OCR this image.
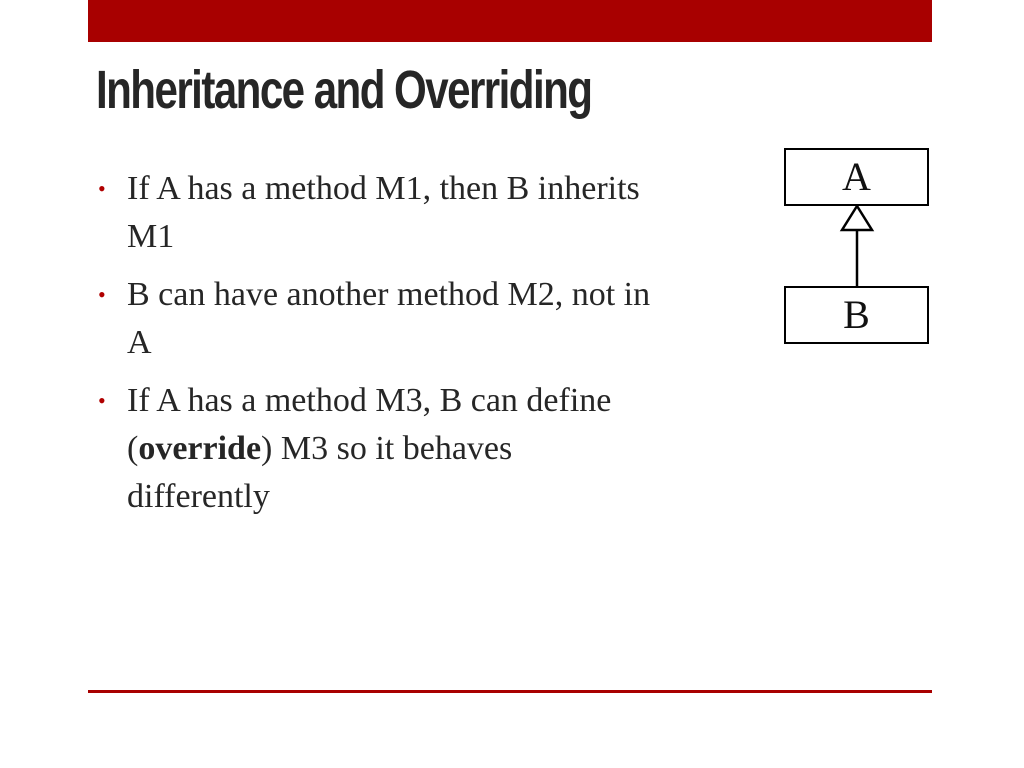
Inheritance and Overriding
• If A has a method M1, then B inherits M1
• B can have another method M2, not in A
• If A has a method M3, B can define (override) M3 so it behaves differently
A
B
